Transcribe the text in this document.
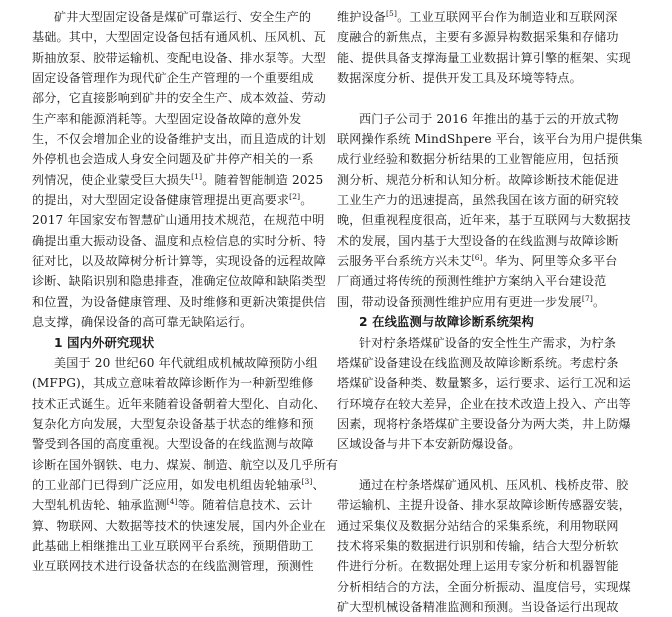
矿井大型固定设备是煤矿可靠运行、安全生产的
基础。其中，大型固定设备包括有通风机、压风机、瓦
斯抽放泵、胶带运输机、变配电设备、排水泵等。大型
固定设备管理作为现代矿企生产管理的一个重要组成
部分，它直接影响到矿井的安全生产、成本效益、劳动
生产率和能源消耗等。大型固定设备故障的意外发
生，不仅会增加企业的设备维护支出，而且造成的计划
外停机也会造成人身安全问题及矿井停产相关的一系
列情况，使企业蒙受巨大损失[1]。随着智能制造 2025
的提出，对大型固定设备健康管理提出更高要求[2]。
2017 年国家安布智慧矿山通用技术规范，在规范中明
确提出重大振动设备、温度和点检信息的实时分析、特
征对比，以及故障树分析计算等，实现设备的远程故障
诊断、缺陷识别和隐患排查，准确定位故障和缺陷类型
和位置，为设备健康管理、及时维修和更新决策提供信
息支撑，确保设备的高可靠无缺陷运行。
1 国内外研究现状
美国于 20 世纪60 年代就组成机械故障预防小组
(MFPG)，其成立意味着故障诊断作为一种新型维修
技术正式诞生。近年来随着设备朝着大型化、自动化、
复杂化方向发展，大型复杂设备基于状态的维修和预
警受到各国的高度重视。大型设备的在线监测与故障
诊断在国外钢铁、电力、煤炭、制造、航空以及几乎所有
的工业部门已得到广泛应用，如发电机组齿轮轴承[3]、
大型轧机齿轮、轴承监测[4]等。随着信息技术、云计
算、物联网、大数据等技术的快速发展，国内外企业在
此基础上相继推出工业互联网平台系统，预期借助工
业互联网技术进行设备状态的在线监测管理，预测性
维护设备[5]。工业互联网平台作为制造业和互联网深
度融合的新焦点，主要有多源异构数据采集和存储功
能、提供具备支撑海量工业数据计算引擎的框架、实现
数据深度分析、提供开发工具及环境等特点。
西门子公司于 2016 年推出的基于云的开放式物
联网操作系统 MindShpere 平台，该平台为用户提供集
成行业经验和数据分析结果的工业智能应用，包括预
测分析、规范分析和认知分析。故障诊断技术能促进
工业生产力的迅速提高，虽然我国在该方面的研究较
晚，但重视程度很高，近年来，基于互联网与大数据技
术的发展，国内基于大型设备的在线监测与故障诊断
云服务平台系统方兴未艾[6]。华为、阿里等众多平台
厂商通过将传统的预测性维护方案纳入平台建设范
围，带动设备预测性维护应用有更进一步发展[7]。
2 在线监测与故障诊断系统架构
针对柠条塔煤矿设备的安全性生产需求，为柠条
塔煤矿设备建设在线监测及故障诊断系统。考虑柠条
塔煤矿设备种类、数量繁多，运行要求、运行工况和运
行环境存在较大差异，企业在技术改造上投入、产出等
因素，现将柠条塔煤矿主要设备分为两大类，井上防爆
区域设备与井下本安新防爆设备。
通过在柠条塔煤矿通风机、压风机、栈桥皮带、胶
带运输机、主提升设备、排水泵故障诊断传感器安装，
通过采集仪及数据分站结合的采集系统，利用物联网
技术将采集的数据进行识别和传输，结合大型分析软
件进行分析。在数据处理上运用专家分析和机器智能
分析相结合的方法，全面分析振动、温度信号，实现煤
矿大型机械设备精准监测和预测。当设备运行出现故
